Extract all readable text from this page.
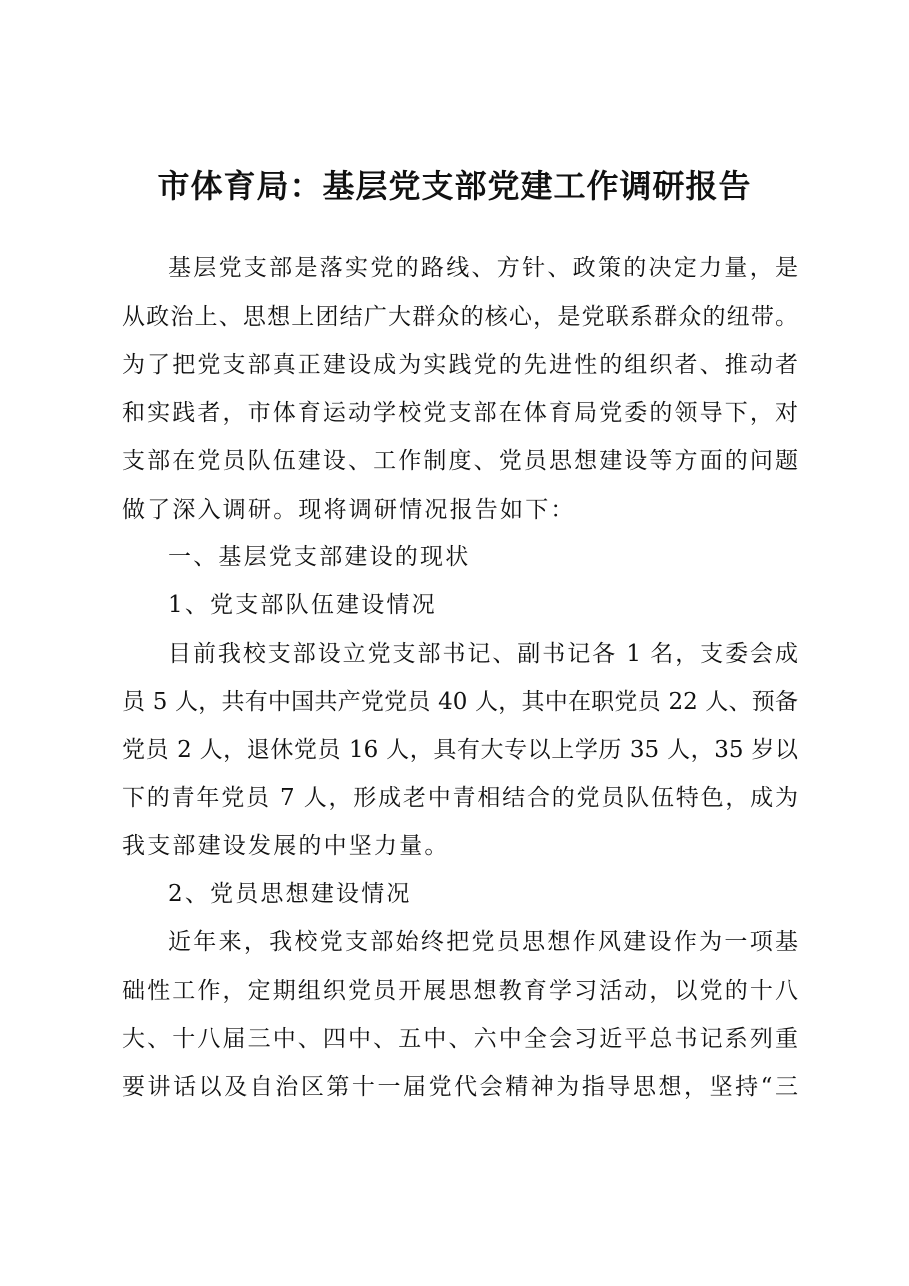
市体育局：基层党支部党建工作调研报告
基层党支部是落实党的路线、方针、政策的决定力量，是
从政治上、思想上团结广大群众的核心，是党联系群众的纽带。
为了把党支部真正建设成为实践党的先进性的组织者、推动者
和实践者，市体育运动学校党支部在体育局党委的领导下，对
支部在党员队伍建设、工作制度、党员思想建设等方面的问题
做了深入调研。现将调研情况报告如下：
一、基层党支部建设的现状
1、党支部队伍建设情况
目前我校支部设立党支部书记、副书记各 1 名，支委会成
员 5 人，共有中国共产党党员 40 人，其中在职党员 22 人、预备
党员 2 人，退休党员 16 人，具有大专以上学历 35 人，35 岁以
下的青年党员 7 人，形成老中青相结合的党员队伍特色，成为
我支部建设发展的中坚力量。
2、党员思想建设情况
近年来，我校党支部始终把党员思想作风建设作为一项基
础性工作，定期组织党员开展思想教育学习活动，以党的十八
大、十八届三中、四中、五中、六中全会习近平总书记系列重
要讲话以及自治区第十一届党代会精神为指导思想，坚持“三
